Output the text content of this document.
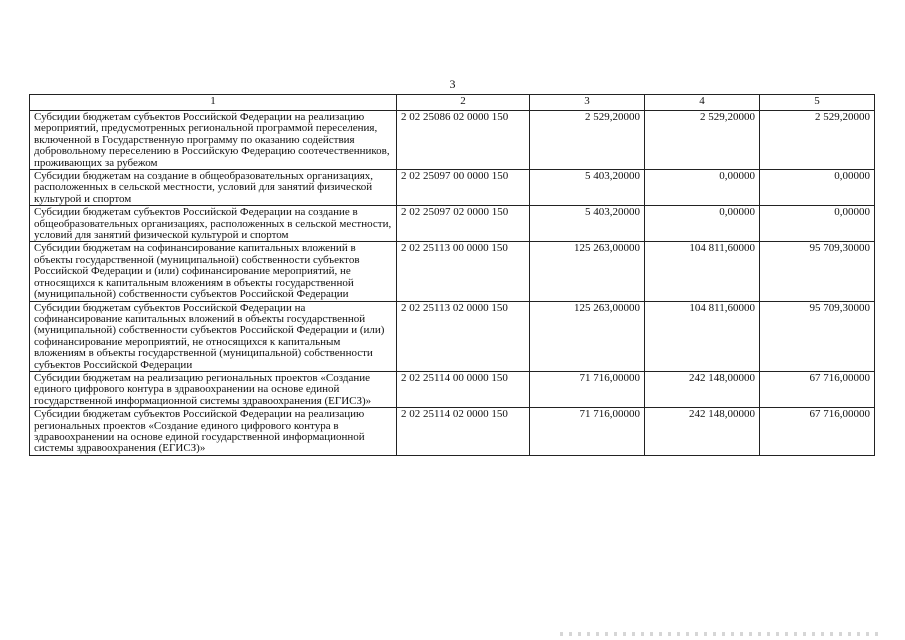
3
1	2	3	4	5
Субсидии бюджетам субъектов Российской Федерации на реализацию мероприятий, предусмотренных региональной программой переселения, включенной в Государственную программу по оказанию содействия добровольному переселению в Российскую Федерацию соотечественников, проживающих за рубежом	2 02 25086 02 0000 150	2 529,20000	2 529,20000	2 529,20000
Субсидии бюджетам на создание в общеобразовательных организациях, расположенных в сельской местности, условий для занятий физической культурой и спортом	2 02 25097 00 0000 150	5 403,20000	0,00000	0,00000
Субсидии бюджетам субъектов Российской Федерации на создание в общеобразовательных организациях, расположенных в сельской местности, условий для занятий физической культурой и спортом	2 02 25097 02 0000 150	5 403,20000	0,00000	0,00000
Субсидии бюджетам на софинансирование капитальных вложений в объекты государственной (муниципальной) собственности субъектов Российской Федерации и (или) софинансирование мероприятий, не относящихся к капитальным вложениям в объекты государственной (муниципальной) собственности субъектов Российской Федерации	2 02 25113 00 0000 150	125 263,00000	104 811,60000	95 709,30000
Субсидии бюджетам субъектов Российской Федерации на софинансирование капитальных вложений в объекты государственной (муниципальной) собственности субъектов Российской Федерации и (или) софинансирование мероприятий, не относящихся к капитальным вложениям в объекты государственной (муниципальной) собственности субъектов Российской Федерации	2 02 25113 02 0000 150	125 263,00000	104 811,60000	95 709,30000
Субсидии бюджетам на реализацию региональных проектов «Создание единого цифрового контура в здравоохранении на основе единой государственной информационной системы здравоохранения (ЕГИСЗ)»	2 02 25114 00 0000 150	71 716,00000	242 148,00000	67 716,00000
Субсидии бюджетам субъектов Российской Федерации на реализацию региональных проектов «Создание единого цифрового контура в здравоохранении на основе единой государственной информационной системы здравоохранения (ЕГИСЗ)»	2 02 25114 02 0000 150	71 716,00000	242 148,00000	67 716,00000
